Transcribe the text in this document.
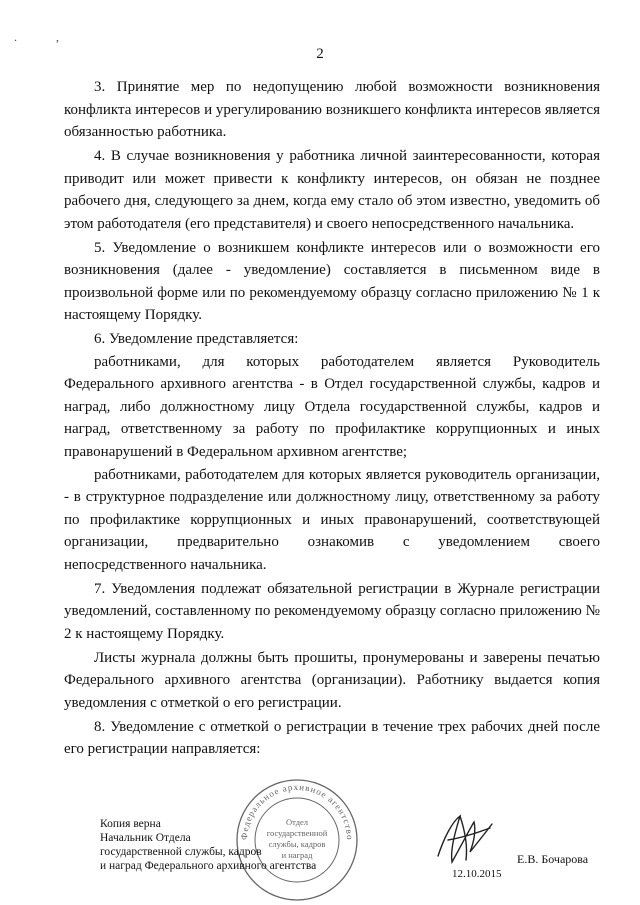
. ,
2

3. Принятие мер по недопущению любой возможности возникновения конфликта интересов и урегулированию возникшего конфликта интересов является обязанностью работника.

4. В случае возникновения у работника личной заинтересованности, которая приводит или может привести к конфликту интересов, он обязан не позднее рабочего дня, следующего за днем, когда ему стало об этом известно, уведомить об этом работодателя (его представителя) и своего непосредственного начальника.

5. Уведомление о возникшем конфликте интересов или о возможности его возникновения (далее - уведомление) составляется в письменном виде в произвольной форме или по рекомендуемому образцу согласно приложению № 1 к настоящему Порядку.

6. Уведомление представляется:

работниками, для которых работодателем является Руководитель Федерального архивного агентства - в Отдел государственной службы, кадров и наград, либо должностному лицу Отдела государственной службы, кадров и наград, ответственному за работу по профилактике коррупционных и иных правонарушений в Федеральном архивном агентстве;

работниками, работодателем для которых является руководитель организации, - в структурное подразделение или должностному лицу, ответственному за работу по профилактике коррупционных и иных правонарушений, соответствующей организации, предварительно ознакомив с уведомлением своего непосредственного начальника.

7. Уведомления подлежат обязательной регистрации в Журнале регистрации уведомлений, составленному по рекомендуемому образцу согласно приложению № 2 к настоящему Порядку.

Листы журнала должны быть прошиты, пронумерованы и заверены печатью Федерального архивного агентства (организации). Работнику выдается копия уведомления с отметкой о его регистрации.

8. Уведомление с отметкой о регистрации в течение трех рабочих дней после его регистрации направляется:

Федеральное архивное агентство
Отдел
государственной
службы, кадров
и наград
Копия верна
Начальник Отдела
государственной службы, кадров
и наград Федерального архивного агентства	Е.В. Бочарова
12.10.2015
